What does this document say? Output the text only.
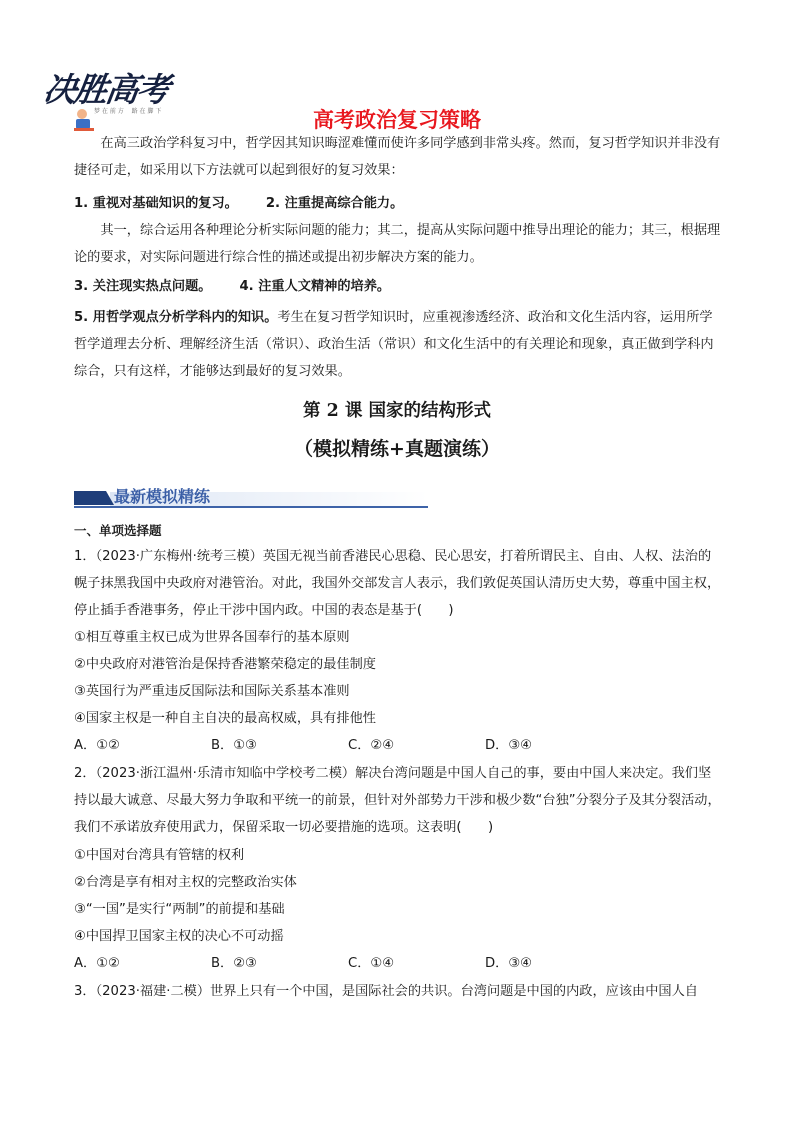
决胜高考
梦 在 前 方　 路 在 脚 下	高考政治复习策略
在高三政治学科复习中，哲学因其知识晦涩难懂而使许多同学感到非常头疼。然而，复习哲学知识并非没有捷径可走，如采用以下方法就可以起到很好的复习效果：
1. 重视对基础知识的复习。 2. 注重提高综合能力。
其一，综合运用各种理论分析实际问题的能力；其二，提高从实际问题中推导出理论的能力；其三，根据理论的要求，对实际问题进行综合性的描述或提出初步解决方案的能力。
3. 关注现实热点问题。 4. 注重人文精神的培养。
5. 用哲学观点分析学科内的知识。考生在复习哲学知识时，应重视渗透经济、政治和文化生活内容，运用所学哲学道理去分析、理解经济生活（常识）、政治生活（常识）和文化生活中的有关理论和现象，真正做到学科内综合，只有这样，才能够达到最好的复习效果。
第 2 课 国家的结构形式
（模拟精练+真题演练）
最新模拟精练
一、单项选择题
1．（2023·广东梅州·统考三模）英国无视当前香港民心思稳、民心思安，打着所谓民主、自由、人权、法治的幌子抹黑我国中央政府对港管治。对此，我国外交部发言人表示，我们敦促英国认清历史大势，尊重中国主权，停止插手香港事务，停止干涉中国内政。中国的表态是基于(　　)
①相互尊重主权已成为世界各国奉行的基本原则
②中央政府对港管治是保持香港繁荣稳定的最佳制度
③英国行为严重违反国际法和国际关系基本准则
④国家主权是一种自主自决的最高权威，具有排他性
A．①②	B．①③	C．②④	D．③④
2．（2023·浙江温州·乐清市知临中学校考二模）解决台湾问题是中国人自己的事，要由中国人来决定。我们坚持以最大诚意、尽最大努力争取和平统一的前景，但针对外部势力干涉和极少数“台独”分裂分子及其分裂活动，我们不承诺放弃使用武力，保留采取一切必要措施的选项。这表明(　　)
①中国对台湾具有管辖的权利
②台湾是享有相对主权的完整政治实体
③“一国”是实行“两制”的前提和基础
④中国捍卫国家主权的决心不可动摇
A．①②	B．②③	C．①④	D．③④
3．（2023·福建·二模）世界上只有一个中国，是国际社会的共识。台湾问题是中国的内政，应该由中国人自
